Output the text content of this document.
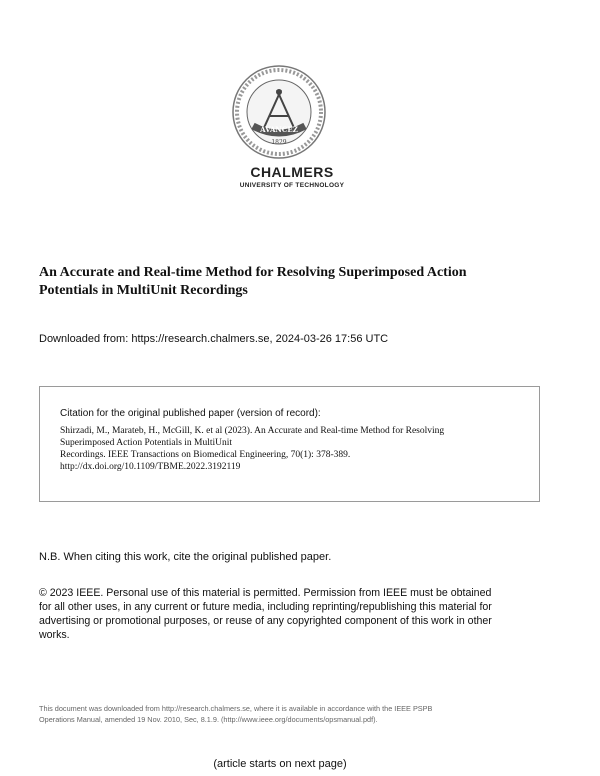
AVANCEZ
1829
CHALMERS
UNIVERSITY OF TECHNOLOGY
An Accurate and Real-time Method for Resolving Superimposed Action
Potentials in MultiUnit Recordings
Downloaded from: https://research.chalmers.se, 2024-03-26 17:56 UTC
Citation for the original published paper (version of record):
Shirzadi, M., Marateb, H., McGill, K. et al (2023). An Accurate and Real-time Method for Resolving
Superimposed Action Potentials in MultiUnit
Recordings. IEEE Transactions on Biomedical Engineering, 70(1): 378-389.
http://dx.doi.org/10.1109/TBME.2022.3192119
N.B. When citing this work, cite the original published paper.
© 2023 IEEE. Personal use of this material is permitted. Permission from IEEE must be obtained
for all other uses, in any current or future media, including reprinting/republishing this material for
advertising or promotional purposes, or reuse of any copyrighted component of this work in other
works.
This document was downloaded from http://research.chalmers.se, where it is available in accordance with the IEEE PSPB
Operations Manual, amended 19 Nov. 2010, Sec, 8.1.9. (http://www.ieee.org/documents/opsmanual.pdf).
(article starts on next page)
